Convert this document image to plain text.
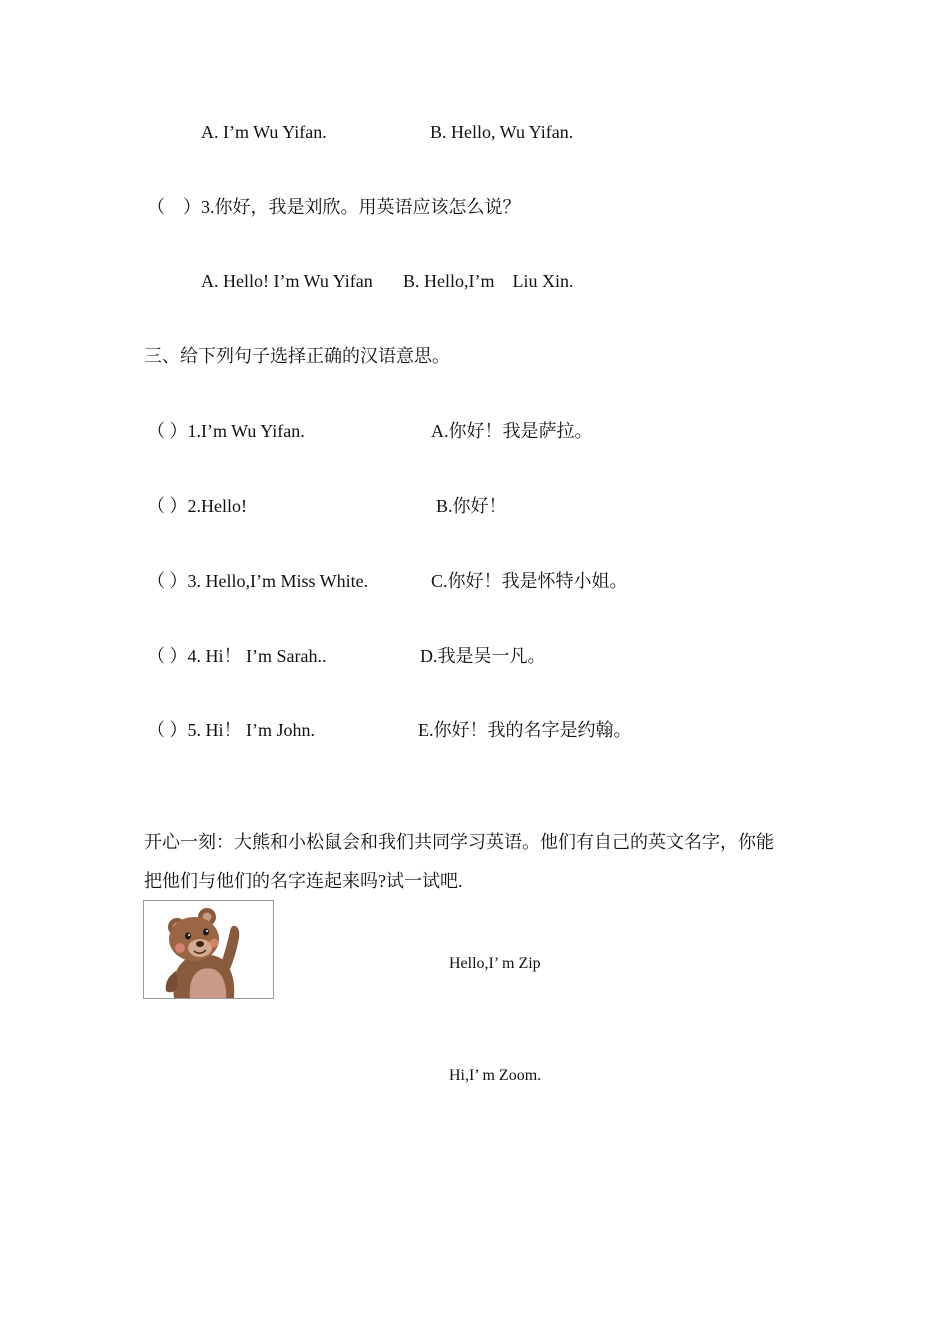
A. I’m Wu Yifan.	B. Hello, Wu Yifan.
（    ）3.你好，我是刘欣。用英语应该怎么说？
A. Hello! I’m Wu Yifan B. Hello,I’m    Liu Xin.
三、给下列句子选择正确的汉语意思。
（ ）1.I’m Wu Yifan.	A.你好！我是萨拉。
（ ）2.Hello!	B.你好！
（ ）3. Hello,I’m Miss White.	C.你好！我是怀特小姐。
（ ）4. Hi！ I’m Sarah..	D.我是吴一凡。
（ ）5. Hi！ I’m John.	E.你好！我的名字是约翰。
开心一刻：大熊和小松鼠会和我们共同学习英语。他们有自己的英文名字，你能
把他们与他们的名字连起来吗?试一试吧.
Hello,I’ m Zip
Hi,I’ m Zoom.
